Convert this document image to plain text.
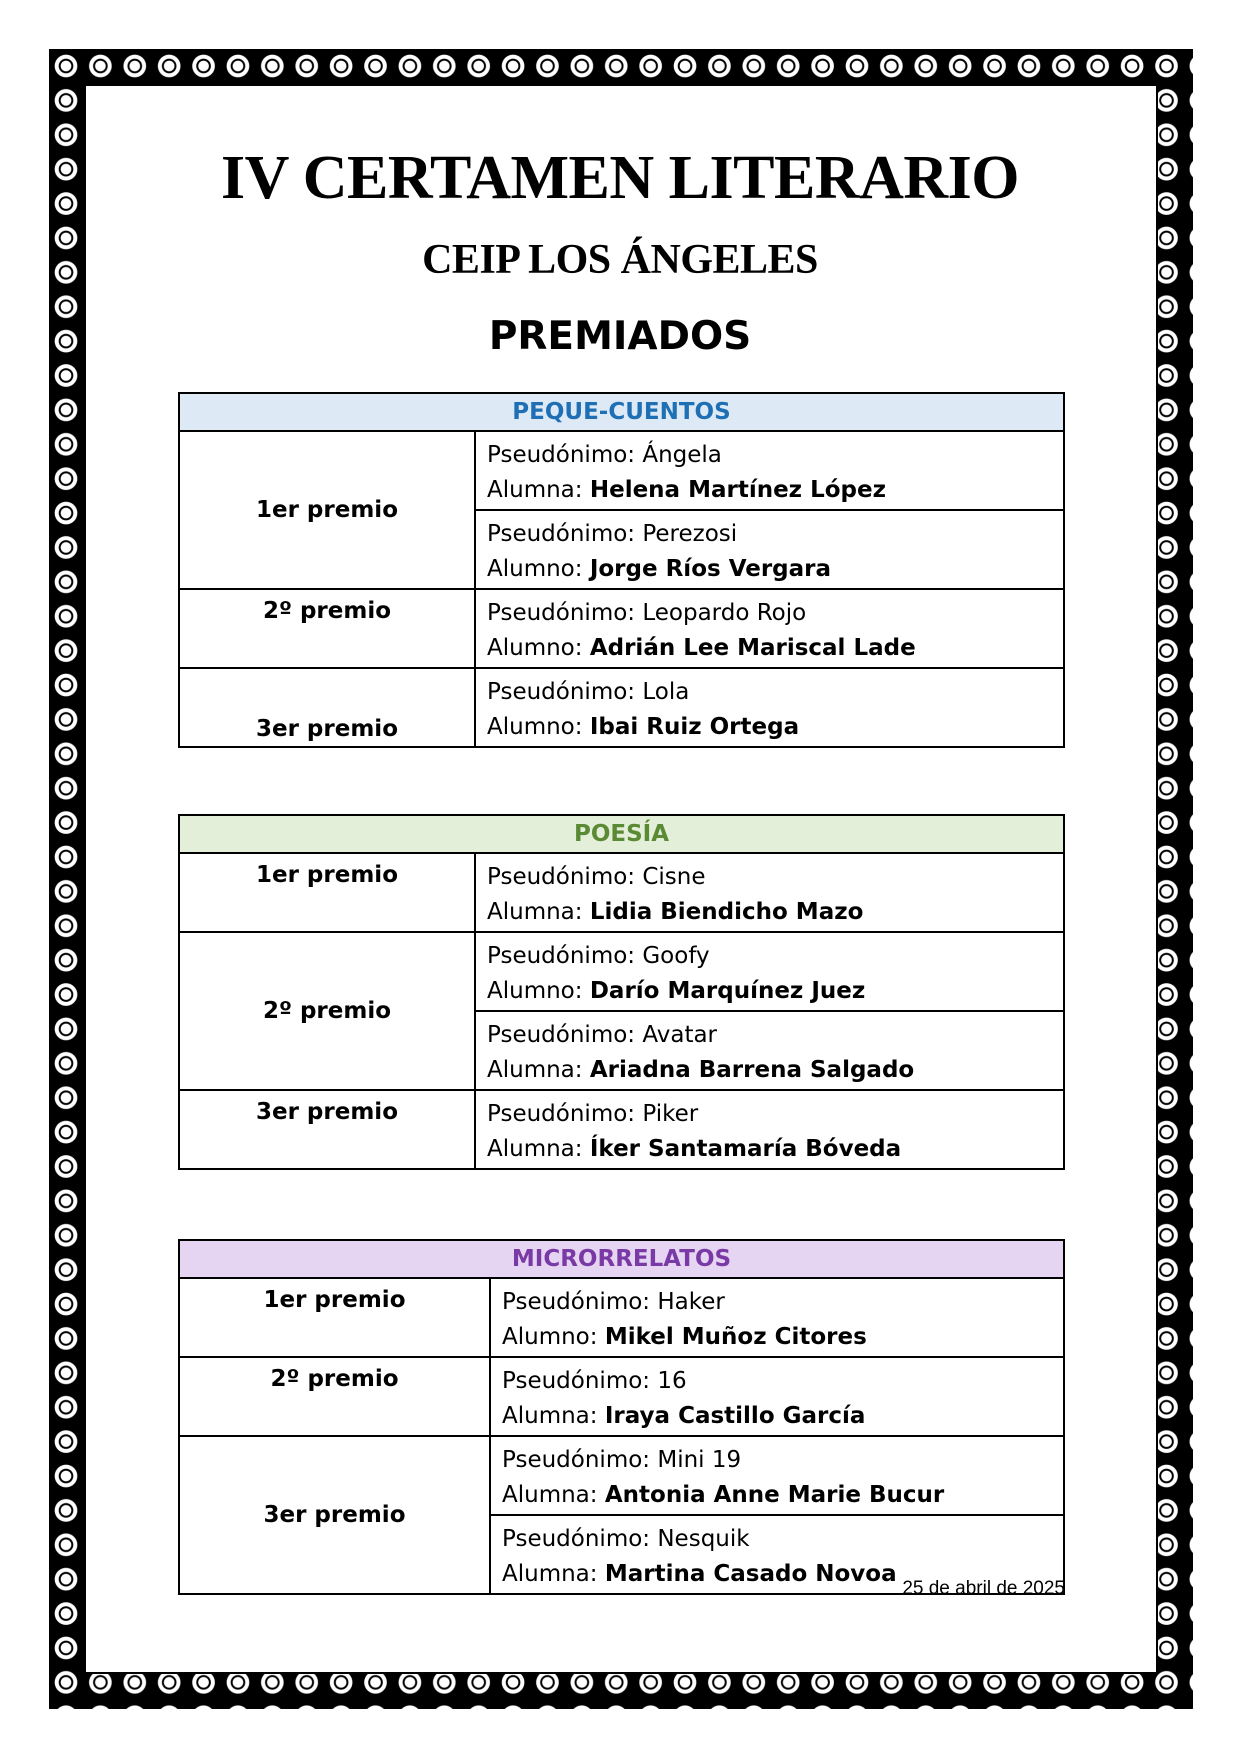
IV CERTAMEN LITERARIO
CEIP LOS ÁNGELES
PREMIADOS
PEQUE-CUENTOS	
1er premio	Pseudónimo: Ángela
Alumna: Helena Martínez López

	Pseudónimo: Perezosi
Alumno: Jorge Ríos Vergara
2º premio	Pseudónimo: Leopardo Rojo
Alumno: Adrián Lee Mariscal Lade
3er premio	Pseudónimo: Lola
Alumno: Ibai Ruiz Ortega
POESÍA	
1er premio	Pseudónimo: Cisne
Alumna: Lidia Biendicho Mazo
2º premio	Pseudónimo: Goofy
Alumno: Darío Marquínez Juez

	Pseudónimo: Avatar
Alumna: Ariadna Barrena Salgado
3er premio	Pseudónimo: Piker
Alumna: Íker Santamaría Bóveda
MICRORRELATOS	
1er premio	Pseudónimo: Haker
Alumno: Mikel Muñoz Citores
2º premio	Pseudónimo: 16
Alumna: Iraya Castillo García
3er premio	Pseudónimo: Mini 19
Alumna: Antonia Anne Marie Bucur

	Pseudónimo: Nesquik
Alumna: Martina Casado Novoa
25 de abril de 2025
